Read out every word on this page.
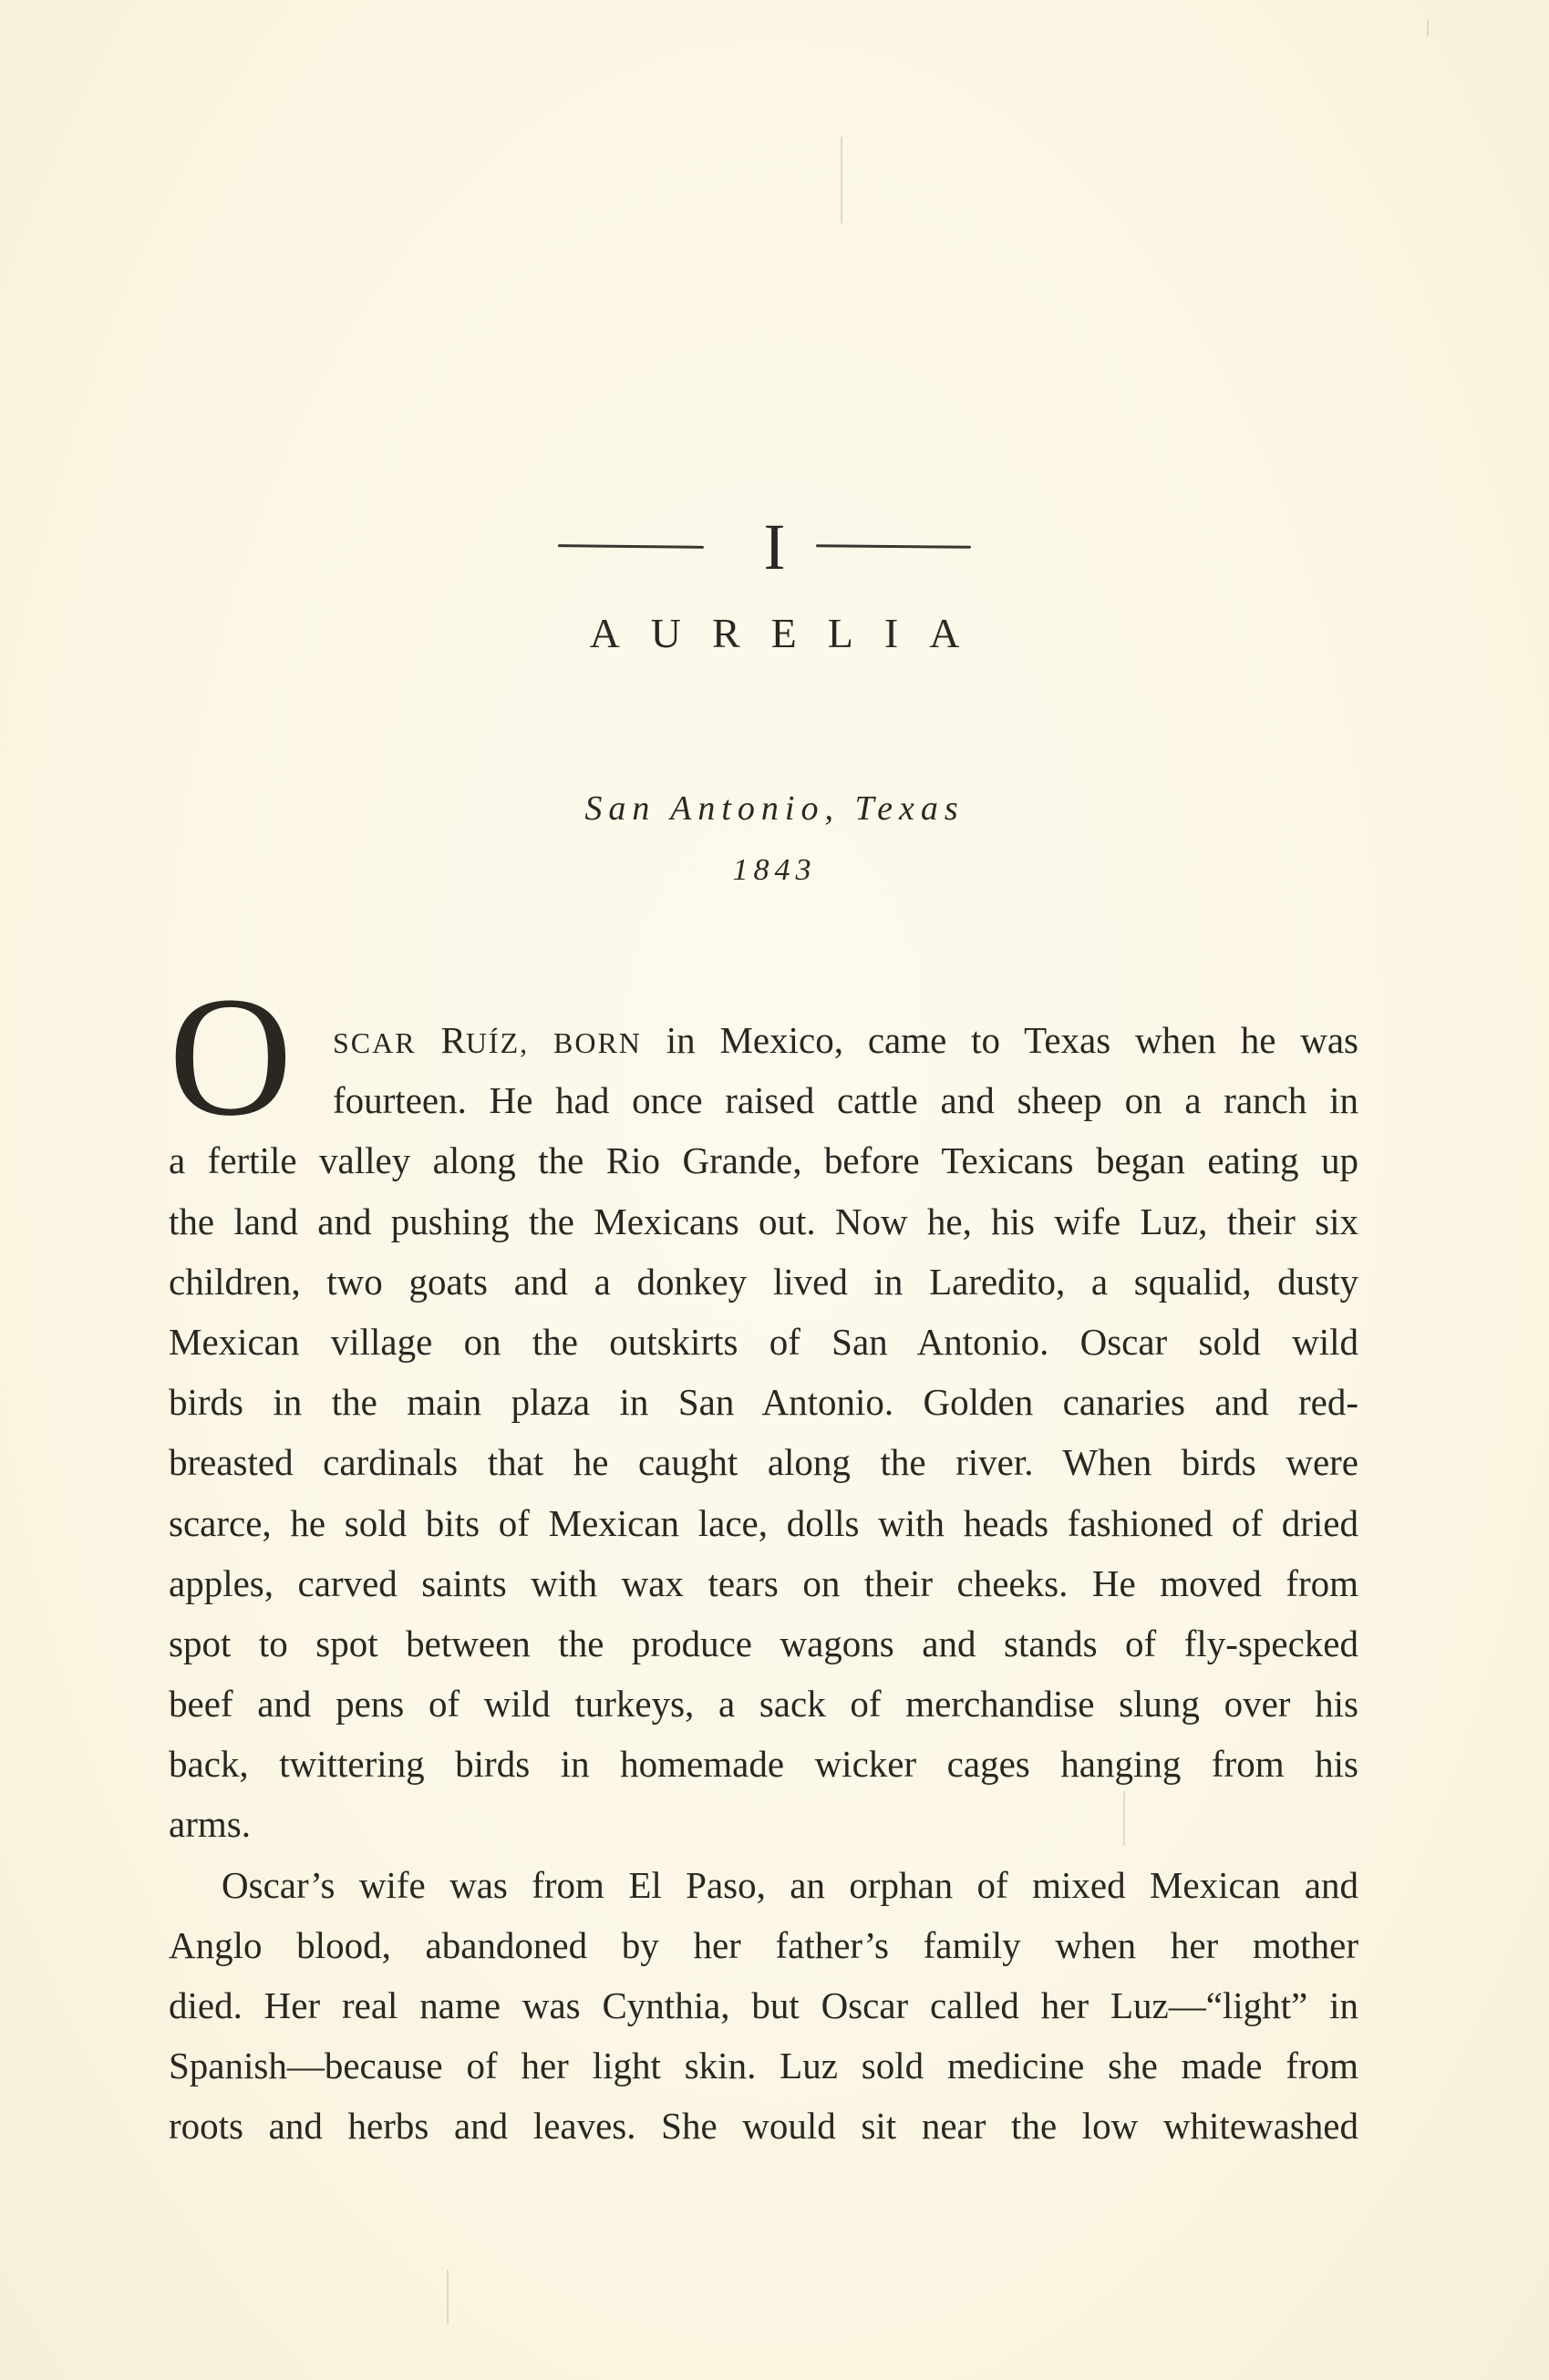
I
AURELIA
San Antonio, Texas
1843
O	SCAR RUÍZ, BORN in Mexico, came to Texas when he was
fourteen. He had once raised cattle and sheep on a ranch in
a fertile valley along the Rio Grande, before Texicans began eating up
the land and pushing the Mexicans out. Now he, his wife Luz, their six
children, two goats and a donkey lived in Laredito, a squalid, dusty
Mexican village on the outskirts of San Antonio. Oscar sold wild
birds in the main plaza in San Antonio. Golden canaries and red-
breasted cardinals that he caught along the river. When birds were
scarce, he sold bits of Mexican lace, dolls with heads fashioned of dried
apples, carved saints with wax tears on their cheeks. He moved from
spot to spot between the produce wagons and stands of fly-specked
beef and pens of wild turkeys, a sack of merchandise slung over his
back, twittering birds in homemade wicker cages hanging from his
arms.
Oscar’s wife was from El Paso, an orphan of mixed Mexican and
Anglo blood, abandoned by her father’s family when her mother
died. Her real name was Cynthia, but Oscar called her Luz—“light” in
Spanish—because of her light skin. Luz sold medicine she made from
roots and herbs and leaves. She would sit near the low whitewashed
